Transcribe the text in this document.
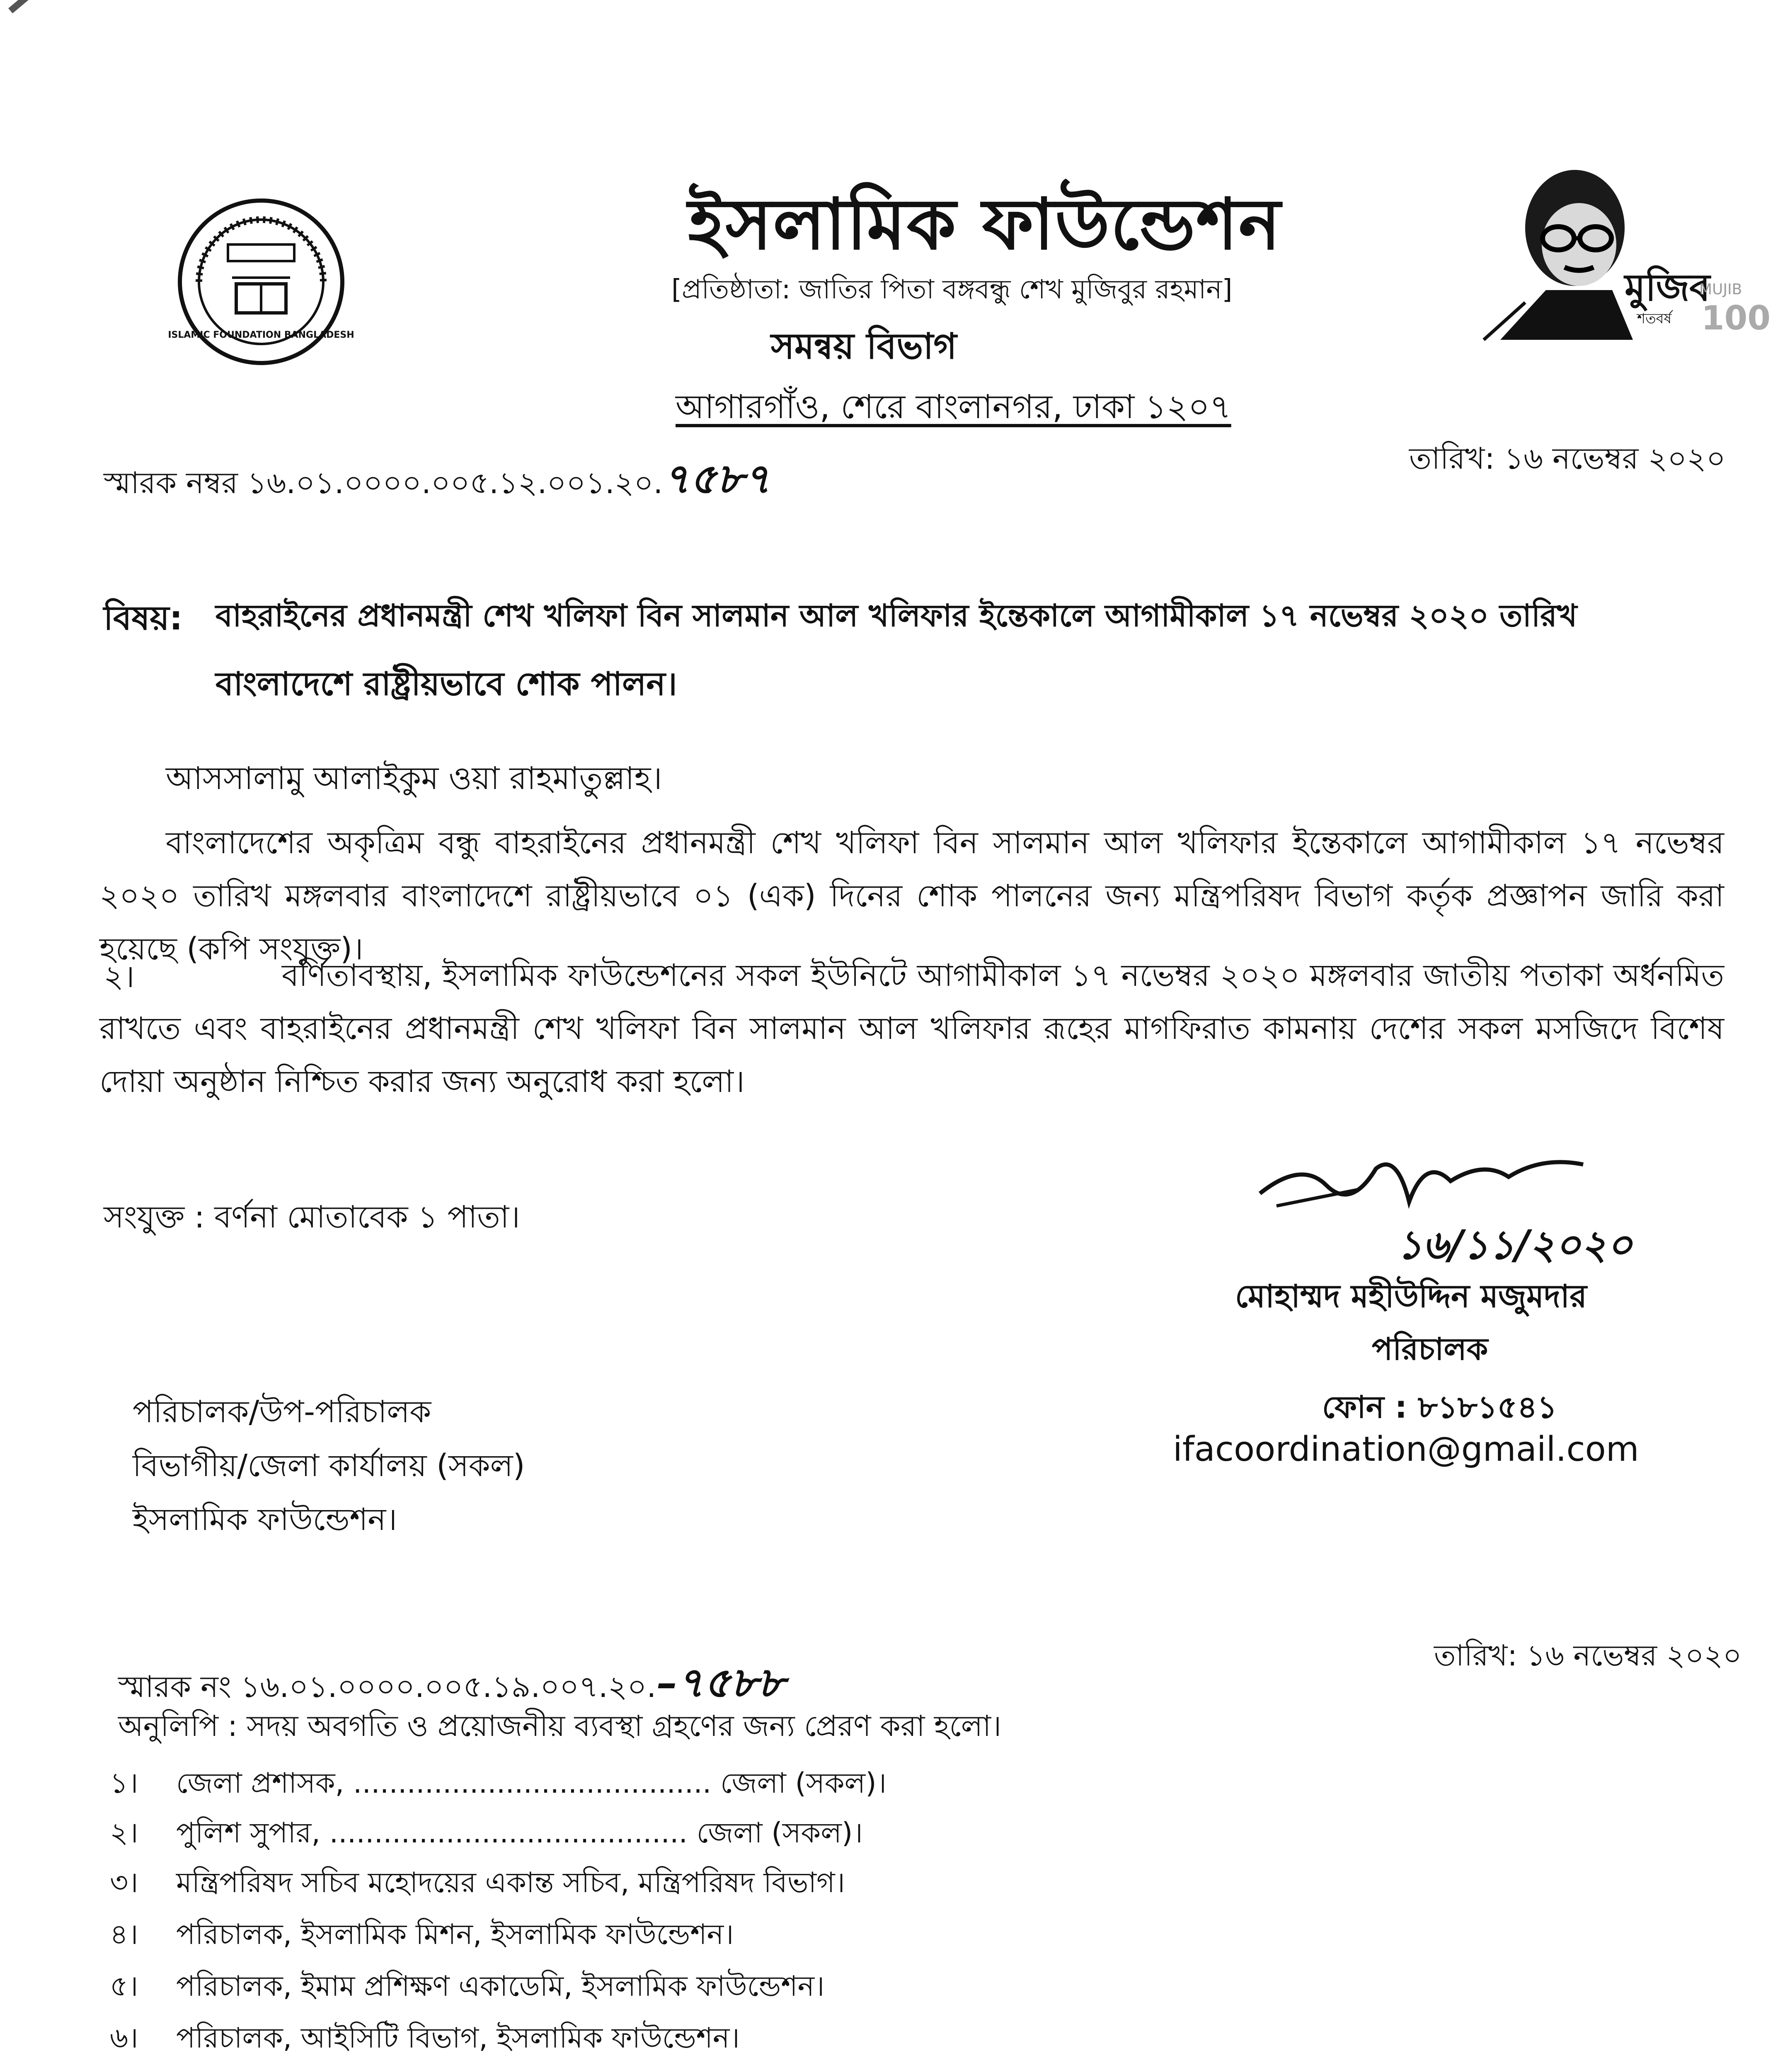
ISLAMIC FOUNDATION BANGLADESH
ইসলামিক ফাউন্ডেশন
[প্রতিষ্ঠাতা: জাতির পিতা বঙ্গবন্ধু শেখ মুজিবুর রহমান]
সমন্বয় বিভাগ
আগারগাঁও, শেরে বাংলানগর, ঢাকা ১২০৭
মুজিব
শতবর্ষ
MUJIB
100
স্মারক নম্বর ১৬.০১.০০০০.০০৫.১২.০০১.২০.৭৫৮৭	তারিখ: ১৬ নভেম্বর ২০২০
বিষয়: বাহরাইনের প্রধানমন্ত্রী শেখ খলিফা বিন সালমান আল খলিফার ইন্তেকালে আগামীকাল ১৭ নভেম্বর ২০২০ তারিখ
বাংলাদেশে রাষ্ট্রীয়ভাবে শোক পালন।
আসসালামু আলাইকুম ওয়া রাহমাতুল্লাহ।
বাংলাদেশের অকৃত্রিম বন্ধু বাহরাইনের প্রধানমন্ত্রী শেখ খলিফা বিন সালমান আল খলিফার ইন্তেকালে আগামীকাল ১৭ নভেম্বর ২০২০ তারিখ মঙ্গলবার বাংলাদেশে রাষ্ট্রীয়ভাবে ০১ (এক) দিনের শোক পালনের জন্য মন্ত্রিপরিষদ বিভাগ কর্তৃক প্রজ্ঞাপন জারি করা হয়েছে (কপি সংযুক্ত)।
২।	বর্ণিতাবস্থায়, ইসলামিক ফাউন্ডেশনের সকল ইউনিটে আগামীকাল ১৭ নভেম্বর ২০২০ মঙ্গলবার জাতীয় পতাকা অর্ধনমিত রাখতে এবং বাহরাইনের প্রধানমন্ত্রী শেখ খলিফা বিন সালমান আল খলিফার রূহের মাগফিরাত কামনায় দেশের সকল মসজিদে বিশেষ দোয়া অনুষ্ঠান নিশ্চিত করার জন্য অনুরোধ করা হলো।
সংযুক্ত : বর্ণনা মোতাবেক ১ পাতা।
১৬/১১/২০২০
মোহাম্মদ মহীউদ্দিন মজুমদার
পরিচালক
ফোন : ৮১৮১৫৪১
ifacoordination@gmail.com
পরিচালক/উপ-পরিচালক
বিভাগীয়/জেলা কার্যালয় (সকল)
ইসলামিক ফাউন্ডেশন।
স্মারক নং ১৬.০১.০০০০.০০৫.১৯.০০৭.২০.–৭৫৮৮
তারিখ: ১৬ নভেম্বর ২০২০
অনুলিপি : সদয় অবগতি ও প্রয়োজনীয় ব্যবস্থা গ্রহণের জন্য প্রেরণ করা হলো।
১। জেলা প্রশাসক, ........................................ জেলা (সকল)।
২। পুলিশ সুপার, ........................................ জেলা (সকল)।
৩। মন্ত্রিপরিষদ সচিব মহোদয়ের একান্ত সচিব, মন্ত্রিপরিষদ বিভাগ।
৪। পরিচালক, ইসলামিক মিশন, ইসলামিক ফাউন্ডেশন।
৫। পরিচালক, ইমাম প্রশিক্ষণ একাডেমি, ইসলামিক ফাউন্ডেশন।
৬। পরিচালক, আইসিটি বিভাগ, ইসলামিক ফাউন্ডেশন।
